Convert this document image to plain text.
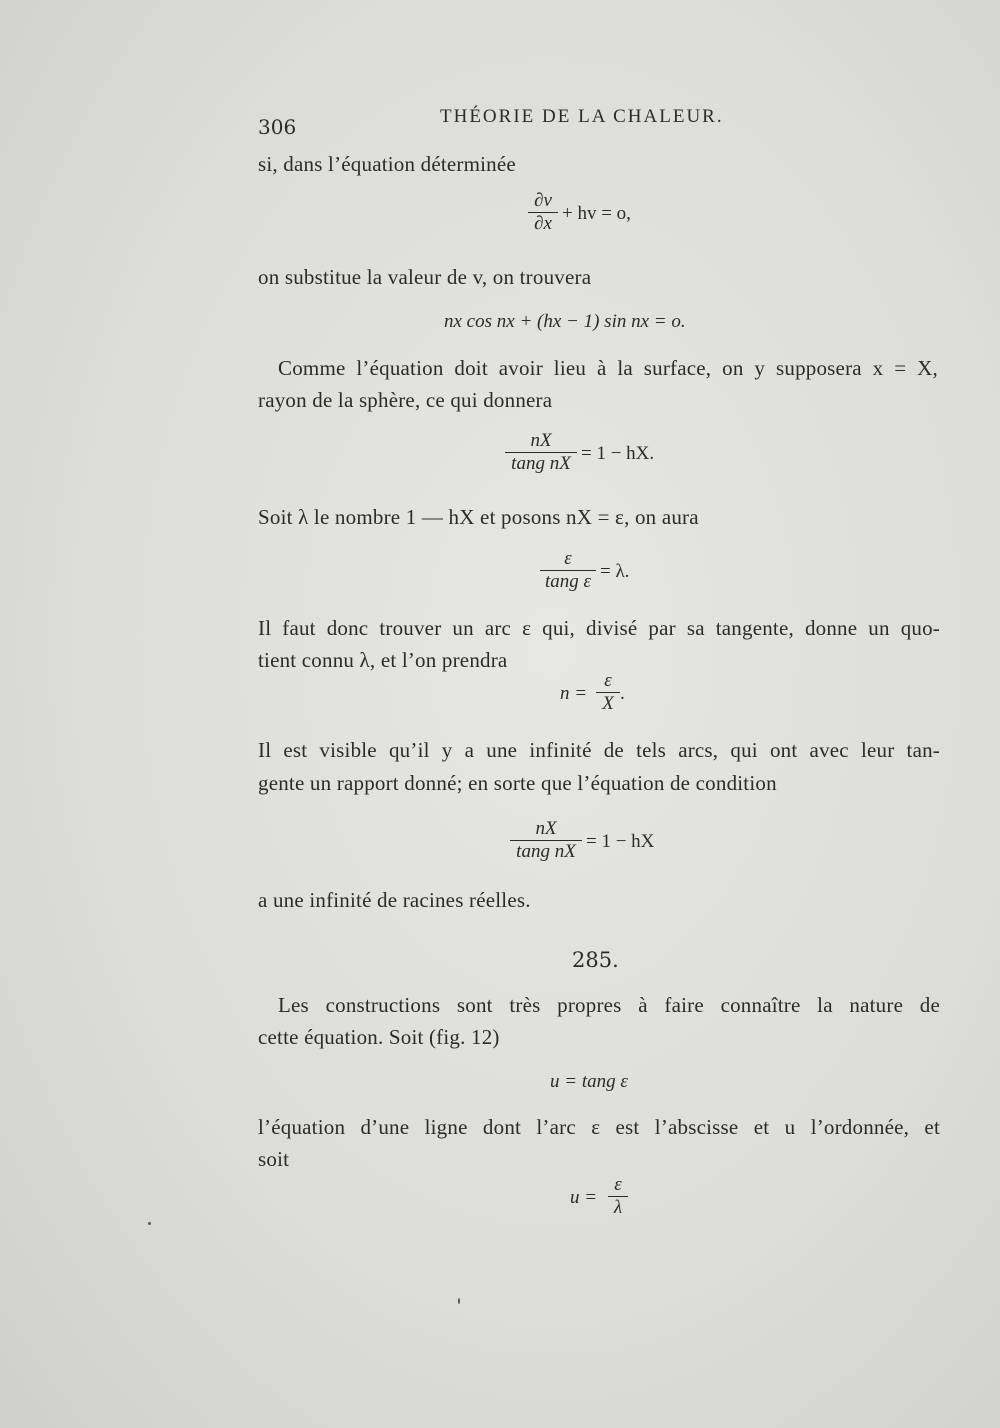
306	THÉORIE DE LA CHALEUR.
si, dans l’équation déterminée
$\frac{\partial v}{\partial x}$ + hv = o,
on substitue la valeur de v, on trouvera
nx cos nx + (hx − 1) sin nx = o.
Comme l’équation doit avoir lieu à la surface, on y supposera x = X,
rayon de la sphère, ce qui donnera
$\frac{nX}{\text{tang nX}} = 1$ − hX.
Soit λ le nombre 1 — hX et posons nX = ε, on aura
$\frac{\varepsilon}{\text{tang ε}} = \lambda$.
Il faut donc trouver un arc ε qui, divisé par sa tangente, donne un quo-
tient connu λ, et l’on prendra
$n = \frac{\varepsilon}{X}$ .
Il est visible qu’il y a une infinité de tels arcs, qui ont avec leur tan-
gente un rapport donné; en sorte que l’équation de condition
$\frac{nX}{\text{tang nX}} = 1$ − hX
a une infinité de racines réelles.
285.
Les constructions sont très propres à faire connaître la nature de
cette équation. Soit (fig. 12)
u = tang ε
l’équation d’une ligne dont l’arc ε est l’abscisse et u l’ordonnée, et
soit
$u = \frac{\varepsilon}{\lambda}$
